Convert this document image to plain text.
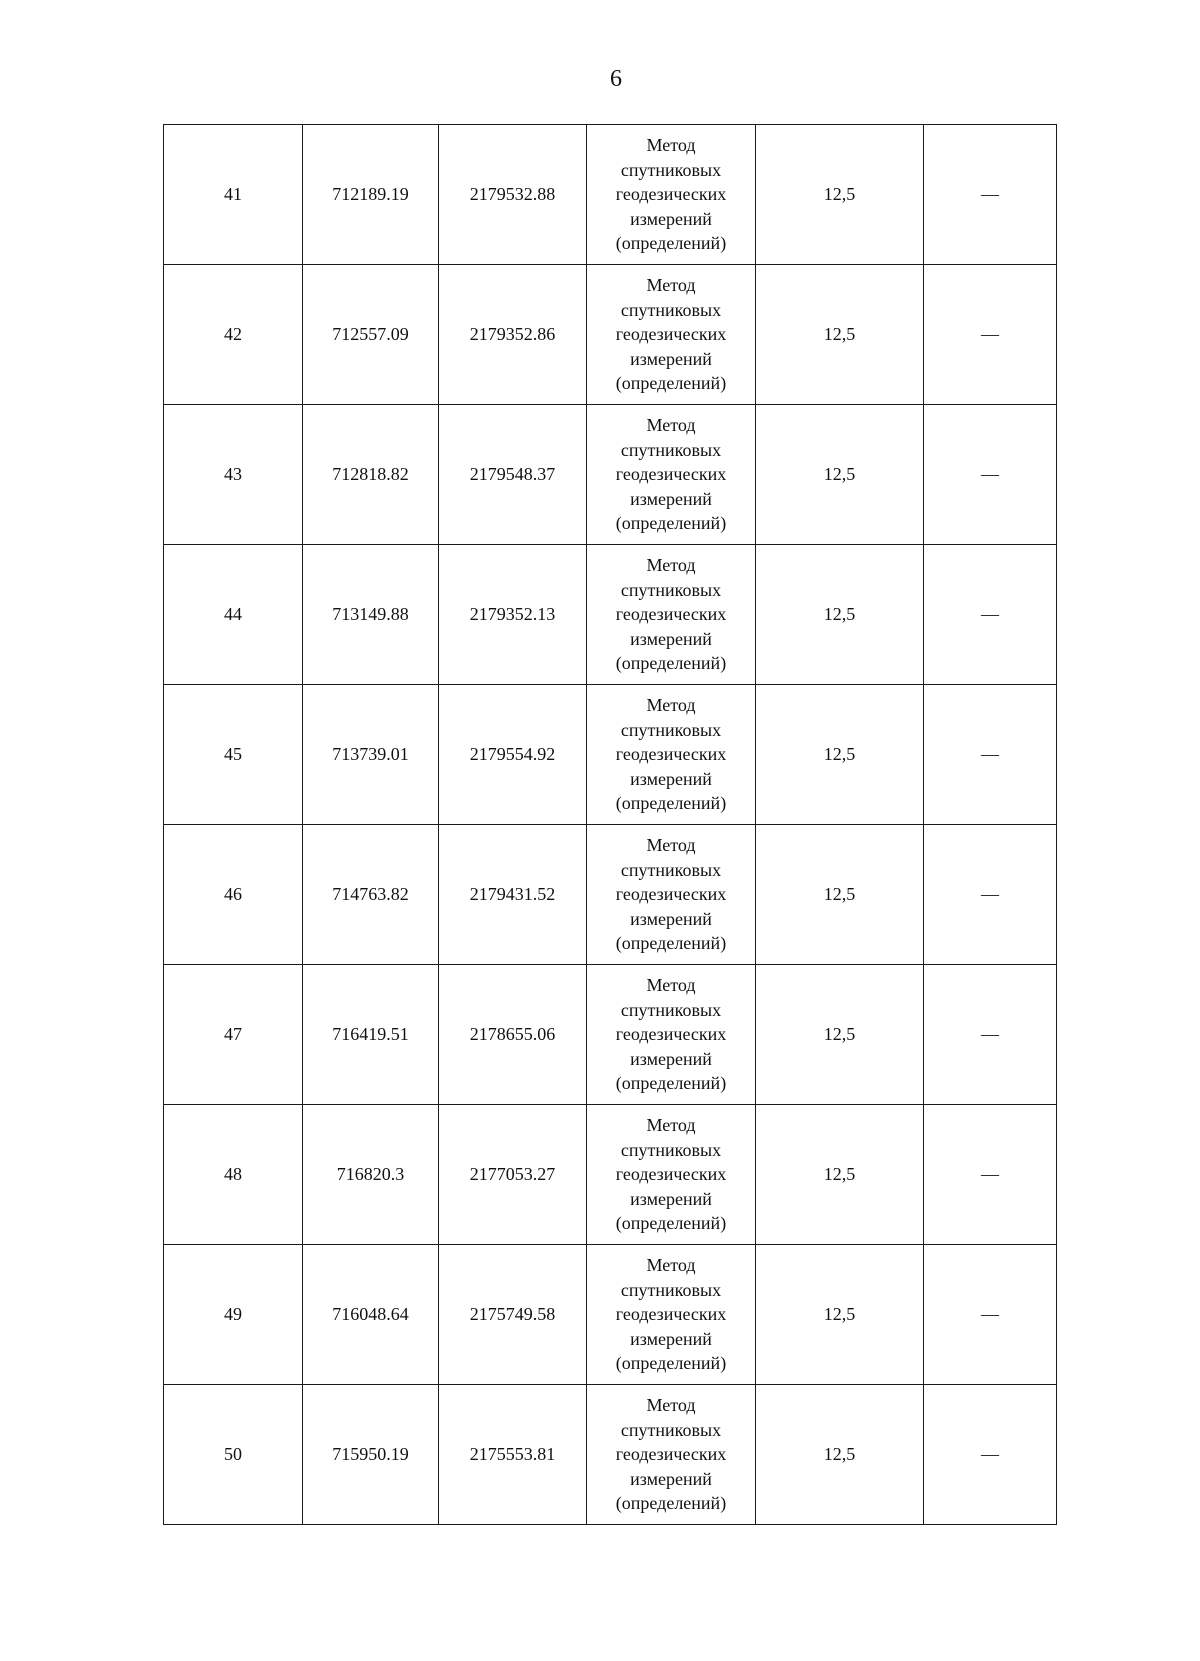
6
41	712189.19	2179532.88	Метод
спутниковых
геодезических
измерений
(определений)	12,5	—
42	712557.09	2179352.86	Метод
спутниковых
геодезических
измерений
(определений)	12,5	—
43	712818.82	2179548.37	Метод
спутниковых
геодезических
измерений
(определений)	12,5	—
44	713149.88	2179352.13	Метод
спутниковых
геодезических
измерений
(определений)	12,5	—
45	713739.01	2179554.92	Метод
спутниковых
геодезических
измерений
(определений)	12,5	—
46	714763.82	2179431.52	Метод
спутниковых
геодезических
измерений
(определений)	12,5	—
47	716419.51	2178655.06	Метод
спутниковых
геодезических
измерений
(определений)	12,5	—
48	716820.3	2177053.27	Метод
спутниковых
геодезических
измерений
(определений)	12,5	—
49	716048.64	2175749.58	Метод
спутниковых
геодезических
измерений
(определений)	12,5	—
50	715950.19	2175553.81	Метод
спутниковых
геодезических
измерений
(определений)	12,5	—
